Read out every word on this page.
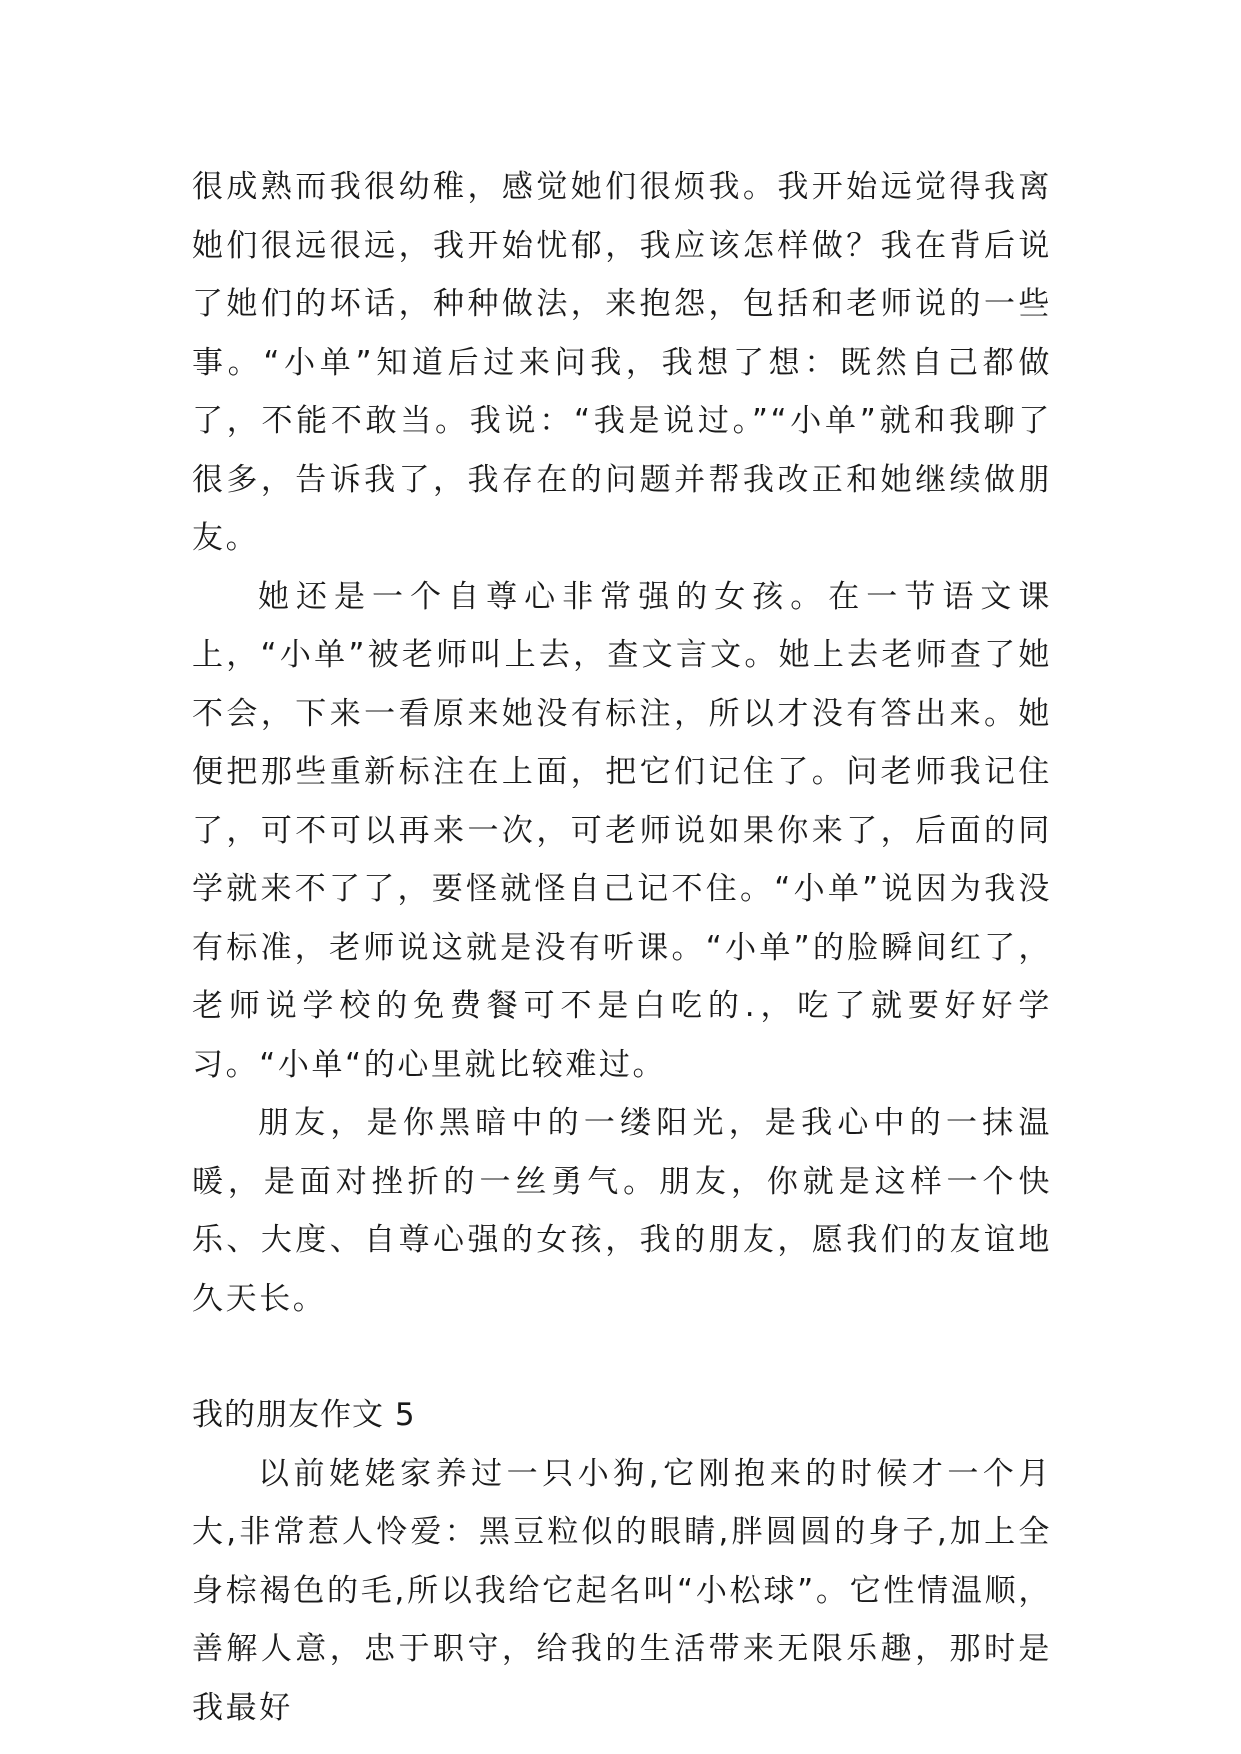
很成熟而我很幼稚，感觉她们很烦我。我开始远觉得我离她们很远很远，我开始忧郁，我应该怎样做？我在背后说了她们的坏话，种种做法，来抱怨，包括和老师说的一些事。“小单”知道后过来问我，我想了想：既然自己都做了，不能不敢当。我说：“我是说过。”“小单”就和我聊了很多，告诉我了，我存在的问题并帮我改正和她继续做朋友。

她还是一个自尊心非常强的女孩。在一节语文课上，“小单”被老师叫上去，查文言文。她上去老师查了她不会，下来一看原来她没有标注，所以才没有答出来。她便把那些重新标注在上面，把它们记住了。问老师我记住了，可不可以再来一次，可老师说如果你来了，后面的同学就来不了了，要怪就怪自己记不住。“小单”说因为我没有标准，老师说这就是没有听课。“小单”的脸瞬间红了，老师说学校的免费餐可不是白吃的.，吃了就要好好学习。“小单“的心里就比较难过。

朋友，是你黑暗中的一缕阳光，是我心中的一抹温暖，是面对挫折的一丝勇气。朋友，你就是这样一个快乐、大度、自尊心强的女孩，我的朋友，愿我们的友谊地久天长。

我的朋友作文 5

以前姥姥家养过一只小狗,它刚抱来的时候才一个月大,非常惹人怜爱：黑豆粒似的眼睛,胖圆圆的身子,加上全身棕褐色的毛,所以我给它起名叫“小松球”。它性情温顺，善解人意，忠于职守，给我的生活带来无限乐趣，那时是我最好
